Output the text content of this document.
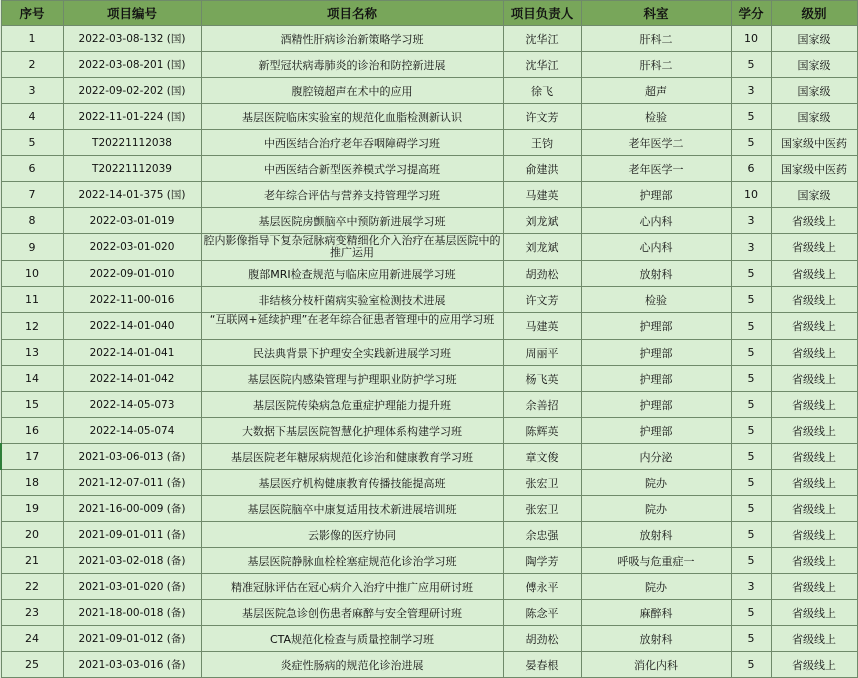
序号	项目编号	项目名称	项目负责人	科室	学分	级别
1	2022-03-08-132 (国)	酒精性肝病诊治新策略学习班	沈华江	肝科二	10	国家级
2	2022-03-08-201 (国)	新型冠状病毒肺炎的诊治和防控新进展	沈华江	肝科二	5	国家级
3	2022-09-02-202 (国)	腹腔镜超声在术中的应用	徐飞	超声	3	国家级
4	2022-11-01-224 (国)	基层医院临床实验室的规范化血脂检测新认识	许文芳	检验	5	国家级
5	T20221112038	中西医结合治疗老年吞咽障碍学习班	王钧	老年医学二	5	国家级中医药
6	T20221112039	中西医结合新型医养模式学习提高班	俞建洪	老年医学一	6	国家级中医药
7	2022-14-01-375 (国)	老年综合评估与营养支持管理学习班	马建英	护理部	10	国家级
8	2022-03-01-019	基层医院房颤脑卒中预防新进展学习班	刘龙斌	心内科	3	省级线上
9	2022-03-01-020	腔内影像指导下复杂冠脉病变精细化介入治疗在基层医院中的推广运用	刘龙斌	心内科	3	省级线上
10	2022-09-01-010	腹部MRI检查规范与临床应用新进展学习班	胡劲松	放射科	5	省级线上
11	2022-11-00-016	非结核分枝杆菌病实验室检测技术进展	许文芳	检验	5	省级线上
12	2022-14-01-040	“互联网+延续护理”在老年综合征患者管理中的应用学习班	马建英	护理部	5	省级线上
13	2022-14-01-041	民法典背景下护理安全实践新进展学习班	周丽平	护理部	5	省级线上
14	2022-14-01-042	基层医院内感染管理与护理职业防护学习班	杨飞英	护理部	5	省级线上
15	2022-14-05-073	基层医院传染病急危重症护理能力提升班	余善招	护理部	5	省级线上
16	2022-14-05-074	大数据下基层医院智慧化护理体系构建学习班	陈辉英	护理部	5	省级线上
17	2021-03-06-013 (备)	基层医院老年糖尿病规范化诊治和健康教育学习班	章文俊	内分泌	5	省级线上
18	2021-12-07-011 (备)	基层医疗机构健康教育传播技能提高班	张宏卫	院办	5	省级线上
19	2021-16-00-009 (备)	基层医院脑卒中康复适用技术新进展培训班	张宏卫	院办	5	省级线上
20	2021-09-01-011 (备)	云影像的医疗协同	余忠强	放射科	5	省级线上
21	2021-03-02-018 (备)	基层医院静脉血栓栓塞症规范化诊治学习班	陶学芳	呼吸与危重症一	5	省级线上
22	2021-03-01-020 (备)	精准冠脉评估在冠心病介入治疗中推广应用研讨班	傅永平	院办	3	省级线上
23	2021-18-00-018 (备)	基层医院急诊创伤患者麻醉与安全管理研讨班	陈念平	麻醉科	5	省级线上
24	2021-09-01-012 (备)	CTA规范化检查与质量控制学习班	胡劲松	放射科	5	省级线上
25	2021-03-03-016 (备)	炎症性肠病的规范化诊治进展	晏春根	消化内科	5	省级线上
